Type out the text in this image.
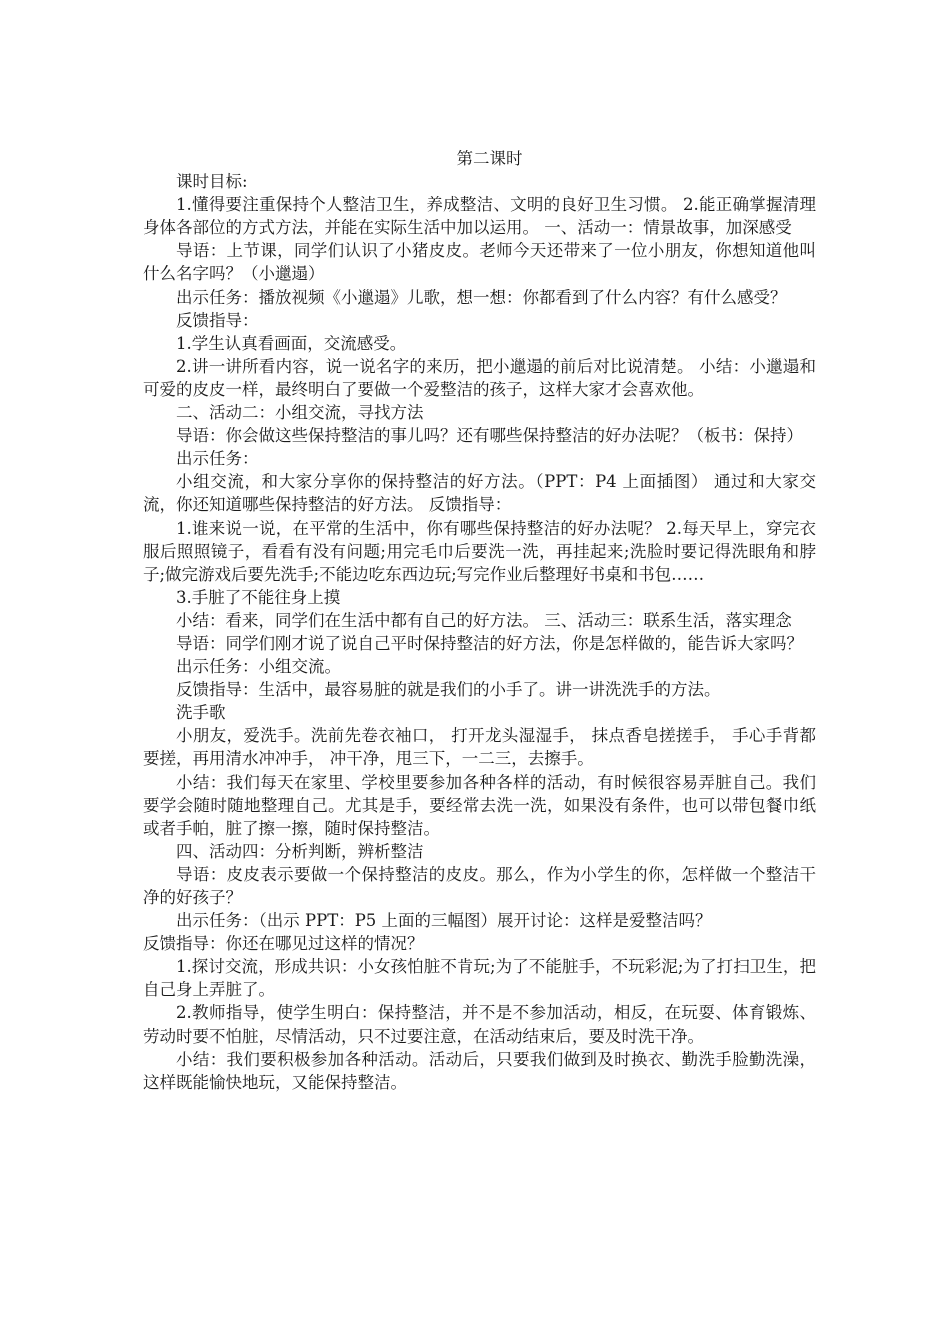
第二课时
课时目标:
1.懂得要注重保持个人整洁卫生，养成整洁、文明的良好卫生习惯。 2.能正确掌握清理身体各部位的方式方法，并能在实际生活中加以运用。 一、活动一：情景故事，加深感受
导语：上节课，同学们认识了小猪皮皮。老师今天还带来了一位小朋友，你想知道他叫什么名字吗？（小邋遢）
出示任务：播放视频《小邋遢》儿歌，想一想：你都看到了什么内容？有什么感受？
反馈指导：
1.学生认真看画面，交流感受。
2.讲一讲所看内容，说一说名字的来历，把小邋遢的前后对比说清楚。 小结：小邋遢和可爱的皮皮一样，最终明白了要做一个爱整洁的孩子，这样大家才会喜欢他。
二、活动二：小组交流，寻找方法
导语：你会做这些保持整洁的事儿吗？还有哪些保持整洁的好办法呢？（板书：保持）
出示任务：
小组交流，和大家分享你的保持整洁的好方法。（PPT：P4 上面插图） 通过和大家交流，你还知道哪些保持整洁的好方法。 反馈指导：
1.谁来说一说，在平常的生活中，你有哪些保持整洁的好办法呢？ 2.每天早上，穿完衣服后照照镜子，看看有没有问题;用完毛巾后要洗一洗，再挂起来;洗脸时要记得洗眼角和脖子;做完游戏后要先洗手;不能边吃东西边玩;写完作业后整理好书桌和书包……
3.手脏了不能往身上摸
小结：看来，同学们在生活中都有自己的好方法。 三、活动三：联系生活，落实理念
导语：同学们刚才说了说自己平时保持整洁的好方法，你是怎样做的，能告诉大家吗？
出示任务：小组交流。
反馈指导：生活中，最容易脏的就是我们的小手了。讲一讲洗洗手的方法。
洗手歌
小朋友，爱洗手。洗前先卷衣袖口， 打开龙头湿湿手， 抹点香皂搓搓手， 手心手背都要搓，再用清水冲冲手， 冲干净，甩三下，一二三，去擦手。
小结：我们每天在家里、学校里要参加各种各样的活动，有时候很容易弄脏自己。我们要学会随时随地整理自己。尤其是手，要经常去洗一洗，如果没有条件，也可以带包餐巾纸或者手帕，脏了擦一擦，随时保持整洁。
四、活动四：分析判断，辨析整洁
导语：皮皮表示要做一个保持整洁的皮皮。那么，作为小学生的你，怎样做一个整洁干净的好孩子？
出示任务：（出示 PPT：P5 上面的三幅图）展开讨论：这样是爱整洁吗？
反馈指导：你还在哪见过这样的情况？
1.探讨交流，形成共识：小女孩怕脏不肯玩;为了不能脏手，不玩彩泥;为了打扫卫生，把自己身上弄脏了。
2.教师指导，使学生明白：保持整洁，并不是不参加活动，相反，在玩耍、体育锻炼、劳动时要不怕脏，尽情活动，只不过要注意，在活动结束后，要及时洗干净。
小结：我们要积极参加各种活动。活动后，只要我们做到及时换衣、勤洗手脸勤洗澡，这样既能愉快地玩，又能保持整洁。
